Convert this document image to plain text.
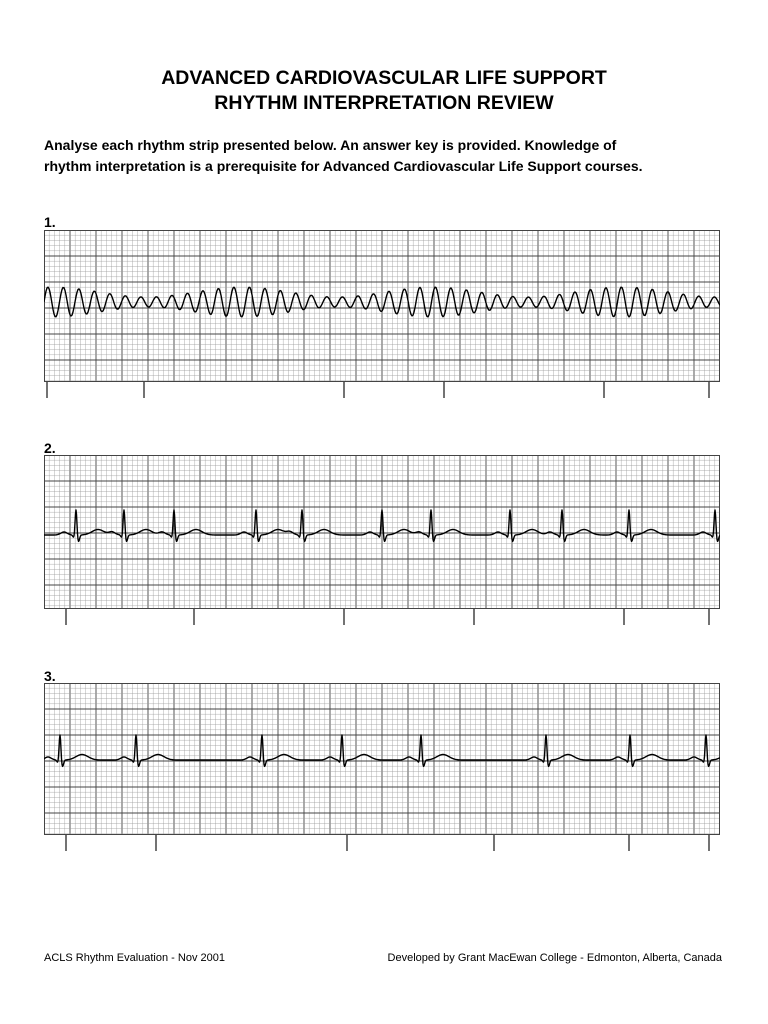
ADVANCED CARDIOVASCULAR LIFE SUPPORT
RHYTHM INTERPRETATION REVIEW
Analyse each rhythm strip presented below. An answer key is provided. Knowledge of
rhythm interpretation is a prerequisite for Advanced Cardiovascular Life Support courses.
1.
2.
3.
ACLS Rhythm Evaluation - Nov 2001	Developed by Grant MacEwan College - Edmonton, Alberta, Canada
